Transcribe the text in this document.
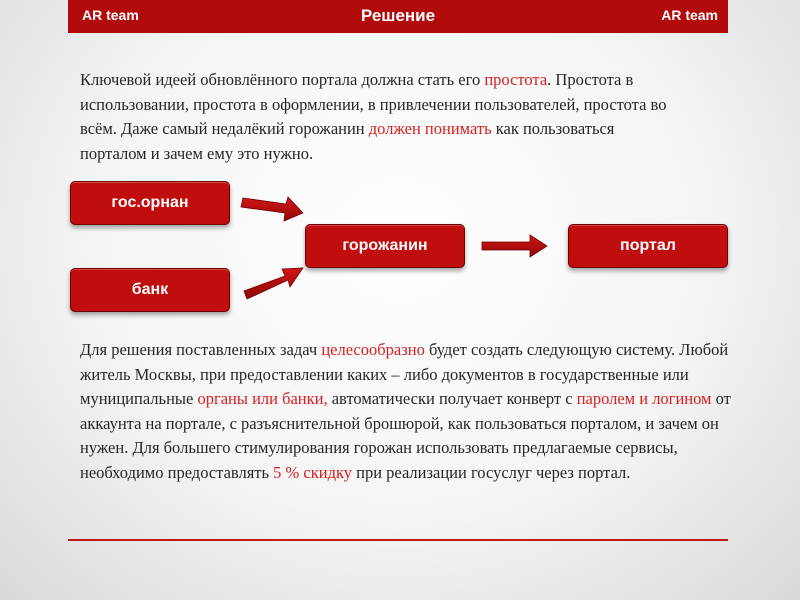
AR team	Решение	AR team
Ключевой идеей обновлённого портала должна стать его простота. Простота в использовании, простота в оформлении, в привлечении пользователей, простота во всём. Даже самый недалёкий горожанин должен понимать как пользоваться порталом и зачем ему это нужно.
гос.орнан
банк
горожанин	портал
Для решения поставленных задач целесообразно будет создать следующую систему. Любой житель Москвы, при предоставлении каких – либо документов в государственные или муниципальные органы или банки, автоматически получает конверт с паролем и логином от аккаунта на портале, с разъяснительной брошюрой, как пользоваться порталом, и зачем он нужен. Для большего стимулирования горожан использовать предлагаемые сервисы, необходимо предоставлять 5 % скидку при реализации госуслуг через портал.
